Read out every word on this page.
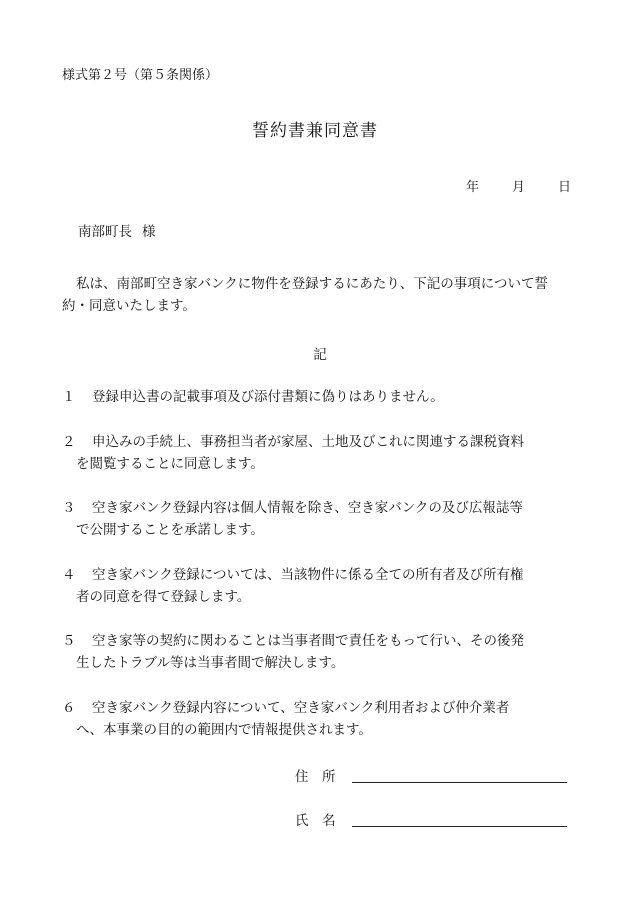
様式第２号（第５条関係）
誓約書兼同意書
年	月	日
南部町長 様
私は、南部町空き家バンクに物件を登録するにあたり、下記の事項について誓約・同意いたします。
記
１	登録申込書の記載事項及び添付書類に偽りはありません。
２	申込みの手続上、事務担当者が家屋、土地及びこれに関連する課税資料を閲覧することに同意します。
３	空き家バンク登録内容は個人情報を除き、空き家バンクの及び広報誌等で公開することを承諾します。
４	空き家バンク登録については、当該物件に係る全ての所有者及び所有権者の同意を得て登録します。
５	空き家等の契約に関わることは当事者間で責任をもって行い、その後発生したトラブル等は当事者間で解決します。
６	空き家バンク登録内容について、空き家バンク利用者および仲介業者へ、本事業の目的の範囲内で情報提供されます。
住　所
氏　名
